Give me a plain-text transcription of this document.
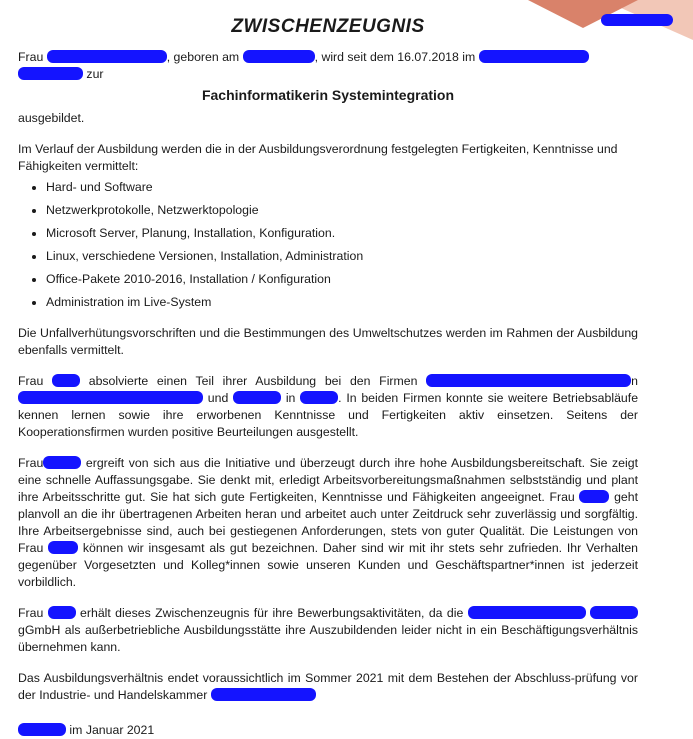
ZWISCHENZEUGNIS

Frau	, geboren am	, wird seit dem 16.07.2018 im
zur

Fachinformatikerin Systemintegration

ausgebildet.

Im Verlauf der Ausbildung werden die in der Ausbildungsverordnung festgelegten Fertigkeiten, Kenntnisse und Fähigkeiten vermittelt:

• Hard- und Software
• Netzwerkprotokolle, Netzwerktopologie
• Microsoft Server, Planung, Installation, Konfiguration.
• Linux, verschiedene Versionen, Installation, Administration
• Office-Pakete 2010-2016, Installation / Konfiguration
• Administration im Live-System

Die Unfallverhütungsvorschriften und die Bestimmungen des Umweltschutzes werden im Rahmen der Ausbildung ebenfalls vermittelt.

Frau	absolvierte einen Teil ihrer Ausbildung bei den Firmen	n  und	in	. In beiden Firmen konnte sie weitere Betriebsabläufe kennen lernen sowie ihre erworbenen Kenntnisse und Fertigkeiten aktiv einsetzen. Seitens der Kooperationsfirmen wurden positive Beurteilungen ausgestellt.

Frau	ergreift von sich aus die Initiative und überzeugt durch ihre hohe Ausbildungsbereitschaft. Sie zeigt eine schnelle Auffassungsgabe. Sie denkt mit, erledigt Arbeitsvorbereitungsmaßnahmen selbstständig und plant ihre Arbeitsschritte gut. Sie hat sich gute Fertigkeiten, Kenntnisse und Fähigkeiten angeeignet. Frau	geht planvoll an die ihr übertragenen Arbeiten heran und arbeitet auch unter Zeitdruck sehr zuverlässig und sorgfältig. Ihre Arbeitsergebnisse sind, auch bei gestiegenen Anforderungen, stets von guter Qualität. Die Leistungen von Frau	können wir insgesamt als gut bezeichnen. Daher sind wir mit ihr stets sehr zufrieden. Ihr Verhalten gegenüber Vorgesetzten und Kolleg*innen sowie unseren Kunden und Geschäftspartner*innen ist jederzeit vorbildlich.

Frau	erhält dieses Zwischenzeugnis für ihre Bewerbungsaktivitäten, da die   gGmbH als außerbetriebliche Ausbildungsstätte ihre Auszubildenden leider nicht in ein Beschäftigungsverhältnis übernehmen kann.

Das Ausbildungsverhältnis endet voraussichtlich im Sommer 2021 mit dem Bestehen der Abschluss-prüfung vor der Industrie- und Handelskammer

im Januar 2021
